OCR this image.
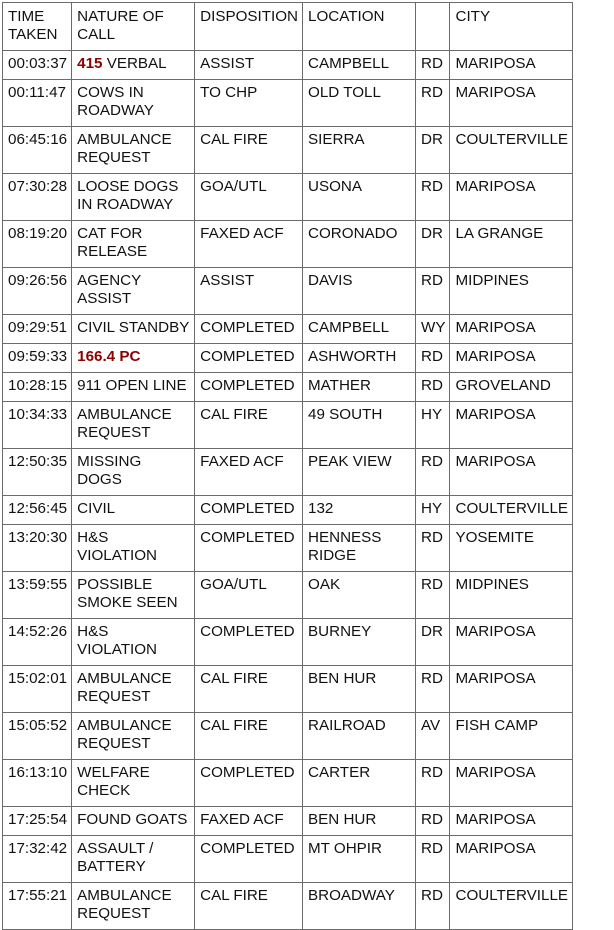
TIME TAKEN	NATURE OF CALL	DISPOSITION	LOCATION		CITY
00:03:37	415 VERBAL	ASSIST	CAMPBELL	RD	MARIPOSA
00:11:47	COWS IN ROADWAY	TO CHP	OLD TOLL	RD	MARIPOSA
06:45:16	AMBULANCE REQUEST	CAL FIRE	SIERRA	DR	COULTERVILLE
07:30:28	LOOSE DOGS IN ROADWAY	GOA/UTL	USONA	RD	MARIPOSA
08:19:20	CAT FOR RELEASE	FAXED ACF	CORONADO	DR	LA GRANGE
09:26:56	AGENCY ASSIST	ASSIST	DAVIS	RD	MIDPINES
09:29:51	CIVIL STANDBY	COMPLETED	CAMPBELL	WY	MARIPOSA
09:59:33	166.4 PC	COMPLETED	ASHWORTH	RD	MARIPOSA
10:28:15	911 OPEN LINE	COMPLETED	MATHER	RD	GROVELAND
10:34:33	AMBULANCE REQUEST	CAL FIRE	49 SOUTH	HY	MARIPOSA
12:50:35	MISSING DOGS	FAXED ACF	PEAK VIEW	RD	MARIPOSA
12:56:45	CIVIL	COMPLETED	132	HY	COULTERVILLE
13:20:30	H&S VIOLATION	COMPLETED	HENNESS RIDGE	RD	YOSEMITE
13:59:55	POSSIBLE SMOKE SEEN	GOA/UTL	OAK	RD	MIDPINES
14:52:26	H&S VIOLATION	COMPLETED	BURNEY	DR	MARIPOSA
15:02:01	AMBULANCE REQUEST	CAL FIRE	BEN HUR	RD	MARIPOSA
15:05:52	AMBULANCE REQUEST	CAL FIRE	RAILROAD	AV	FISH CAMP
16:13:10	WELFARE CHECK	COMPLETED	CARTER	RD	MARIPOSA
17:25:54	FOUND GOATS	FAXED ACF	BEN HUR	RD	MARIPOSA
17:32:42	ASSAULT / BATTERY	COMPLETED	MT OHPIR	RD	MARIPOSA
17:55:21	AMBULANCE REQUEST	CAL FIRE	BROADWAY	RD	COULTERVILLE
